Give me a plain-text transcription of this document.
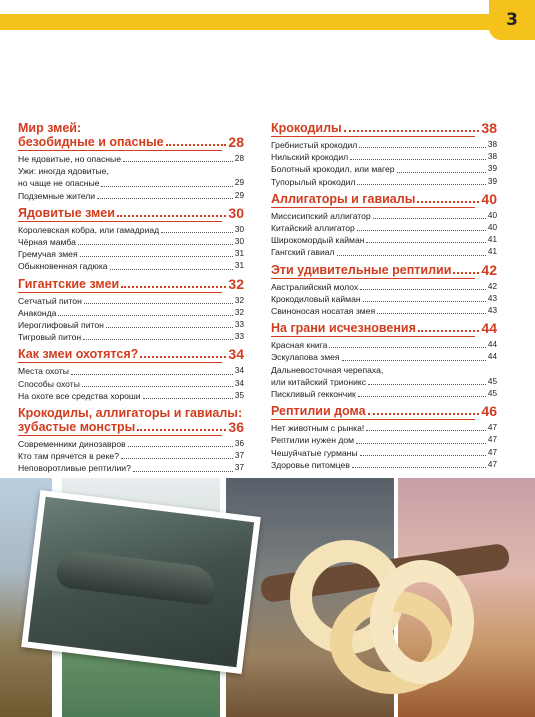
3
Мир змей:
безобидные и опасные	28
Не ядовитые, но опасные	28
Ужи: иногда ядовитые,
но чаще не опасные	29
Подземные жители	29
Ядовитые змеи	30
Королевская кобра, или гамадриад	30
Чёрная мамба	30
Гремучая змея	31
Обыкновенная гадюка	31
Гигантские змеи	32
Сетчатый питон	32
Анаконда	32
Иероглифовый питон	33
Тигровый питон	33
Как змеи охотятся?	34
Места охоты	34
Способы охоты	34
На охоте все средства хороши	35
Крокодилы, аллигаторы и гавиалы:
зубастые монстры	36
Современники динозавров	36
Кто там прячется в реке?	37
Неповоротливые рептилии?	37
Крокодилы	38
Гребнистый крокодил	38
Нильский крокодил	38
Болотный крокодил, или магер	39
Тупорылый крокодил	39
Аллигаторы и гавиалы	40
Миссисипский аллигатор	40
Китайский аллигатор	40
Широкомордый кайман	41
Гангский гавиал	41
Эти удивительные рептилии 42
Австралийский молох	42
Крокодиловый кайман	43
Свиноносая носатая змея	43
На грани исчезновения	44
Красная книга	44
Эскулапова змея	44
Дальневосточная черепаха,
или китайский трионикс	45
Пискливый геккончик	45
Рептилии дома	46
Нет животным с рынка!	47
Рептилии нужен дом	47
Чешуйчатые гурманы	47
Здоровье питомцев	47
